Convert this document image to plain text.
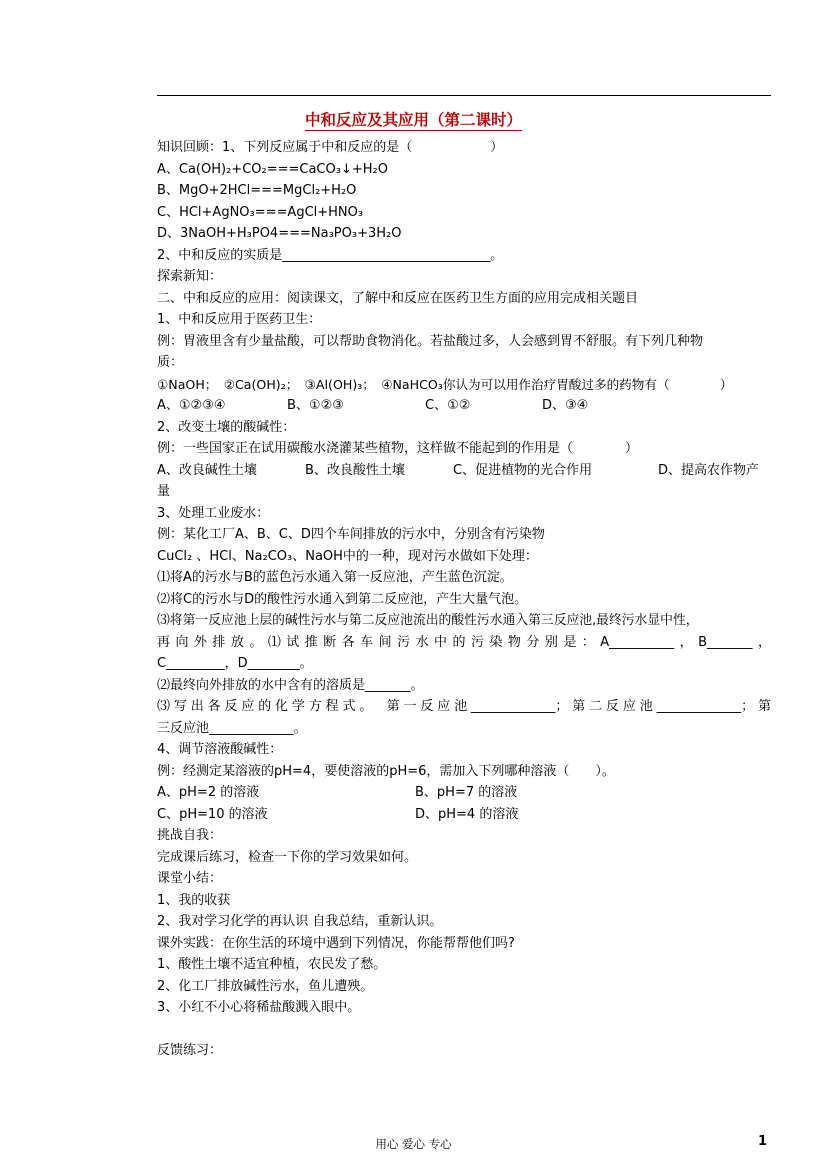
中和反应及其应用（第二课时）
知识回顾：1、下列反应属于中和反应的是（　　　　　　）
A、Ca(OH)₂+CO₂===CaCO₃↓+H₂O
B、MgO+2HCl===MgCl₂+H₂O
C、HCl+AgNO₃===AgCl+HNO₃
D、3NaOH+H₃PO4===Na₃PO₃+3H₂O
2、中和反应的实质是________________________________。
探索新知：
二、中和反应的应用：阅读课文，了解中和反应在医药卫生方面的应用完成相关题目
1、中和反应用于医药卫生：
例：胃液里含有少量盐酸，可以帮助食物消化。若盐酸过多，人会感到胃不舒服。有下列几种物
质：
①NaOH；　②Ca(OH)₂；　③Al(OH)₃；　④NaHCO₃你认为可以用作治疗胃酸过多的药物有（　　　　）
A、①②③④	B、①②③	C、①②	D、③④
2、改变土壤的酸碱性：
例：一些国家正在试用碳酸水浇灌某些植物，这样做不能起到的作用是（　　　　）
A、改良碱性土壤	B、改良酸性土壤	C、促进植物的光合作用	D、提高农作物产
量
3、处理工业废水：
例：某化工厂A、B、C、D四个车间排放的污水中，分别含有污染物
CuCl₂ 、HCl、Na₂CO₃、NaOH中的一种，现对污水做如下处理：
⑴将A的污水与B的蓝色污水通入第一反应池，产生蓝色沉淀。
⑵将C的污水与D的酸性污水通入到第二反应池，产生大量气泡。
⑶将第一反应池上层的碱性污水与第二反应池流出的酸性污水通入第三反应池,最终污水显中性，
再向外排放。⑴试推断各车间污水中的污染物分别是：A__________，B_______，
C_________，D________。
⑵最终向外排放的水中含有的溶质是_______。
⑶写出各反应的化学方程式。　第一反应池_____________；第二反应池_____________；第
三反应池_____________。
4、调节溶液酸碱性：
例：经测定某溶液的pH=4，要使溶液的pH=6，需加入下列哪种溶液（　　）。
A、pH=2 的溶液	B、pH=7 的溶液
C、pH=10 的溶液	D、pH=4 的溶液
挑战自我：
完成课后练习，检查一下你的学习效果如何。
课堂小结：
1、我的收获
2、我对学习化学的再认识 自我总结，重新认识。
课外实践：在你生活的环境中遇到下列情况，你能帮帮他们吗?
1、酸性土壤不适宜种植，农民发了愁。
2、化工厂排放碱性污水，鱼儿遭殃。
3、小红不小心将稀盐酸溅入眼中。
反馈练习：
用心 爱心 专心	1
